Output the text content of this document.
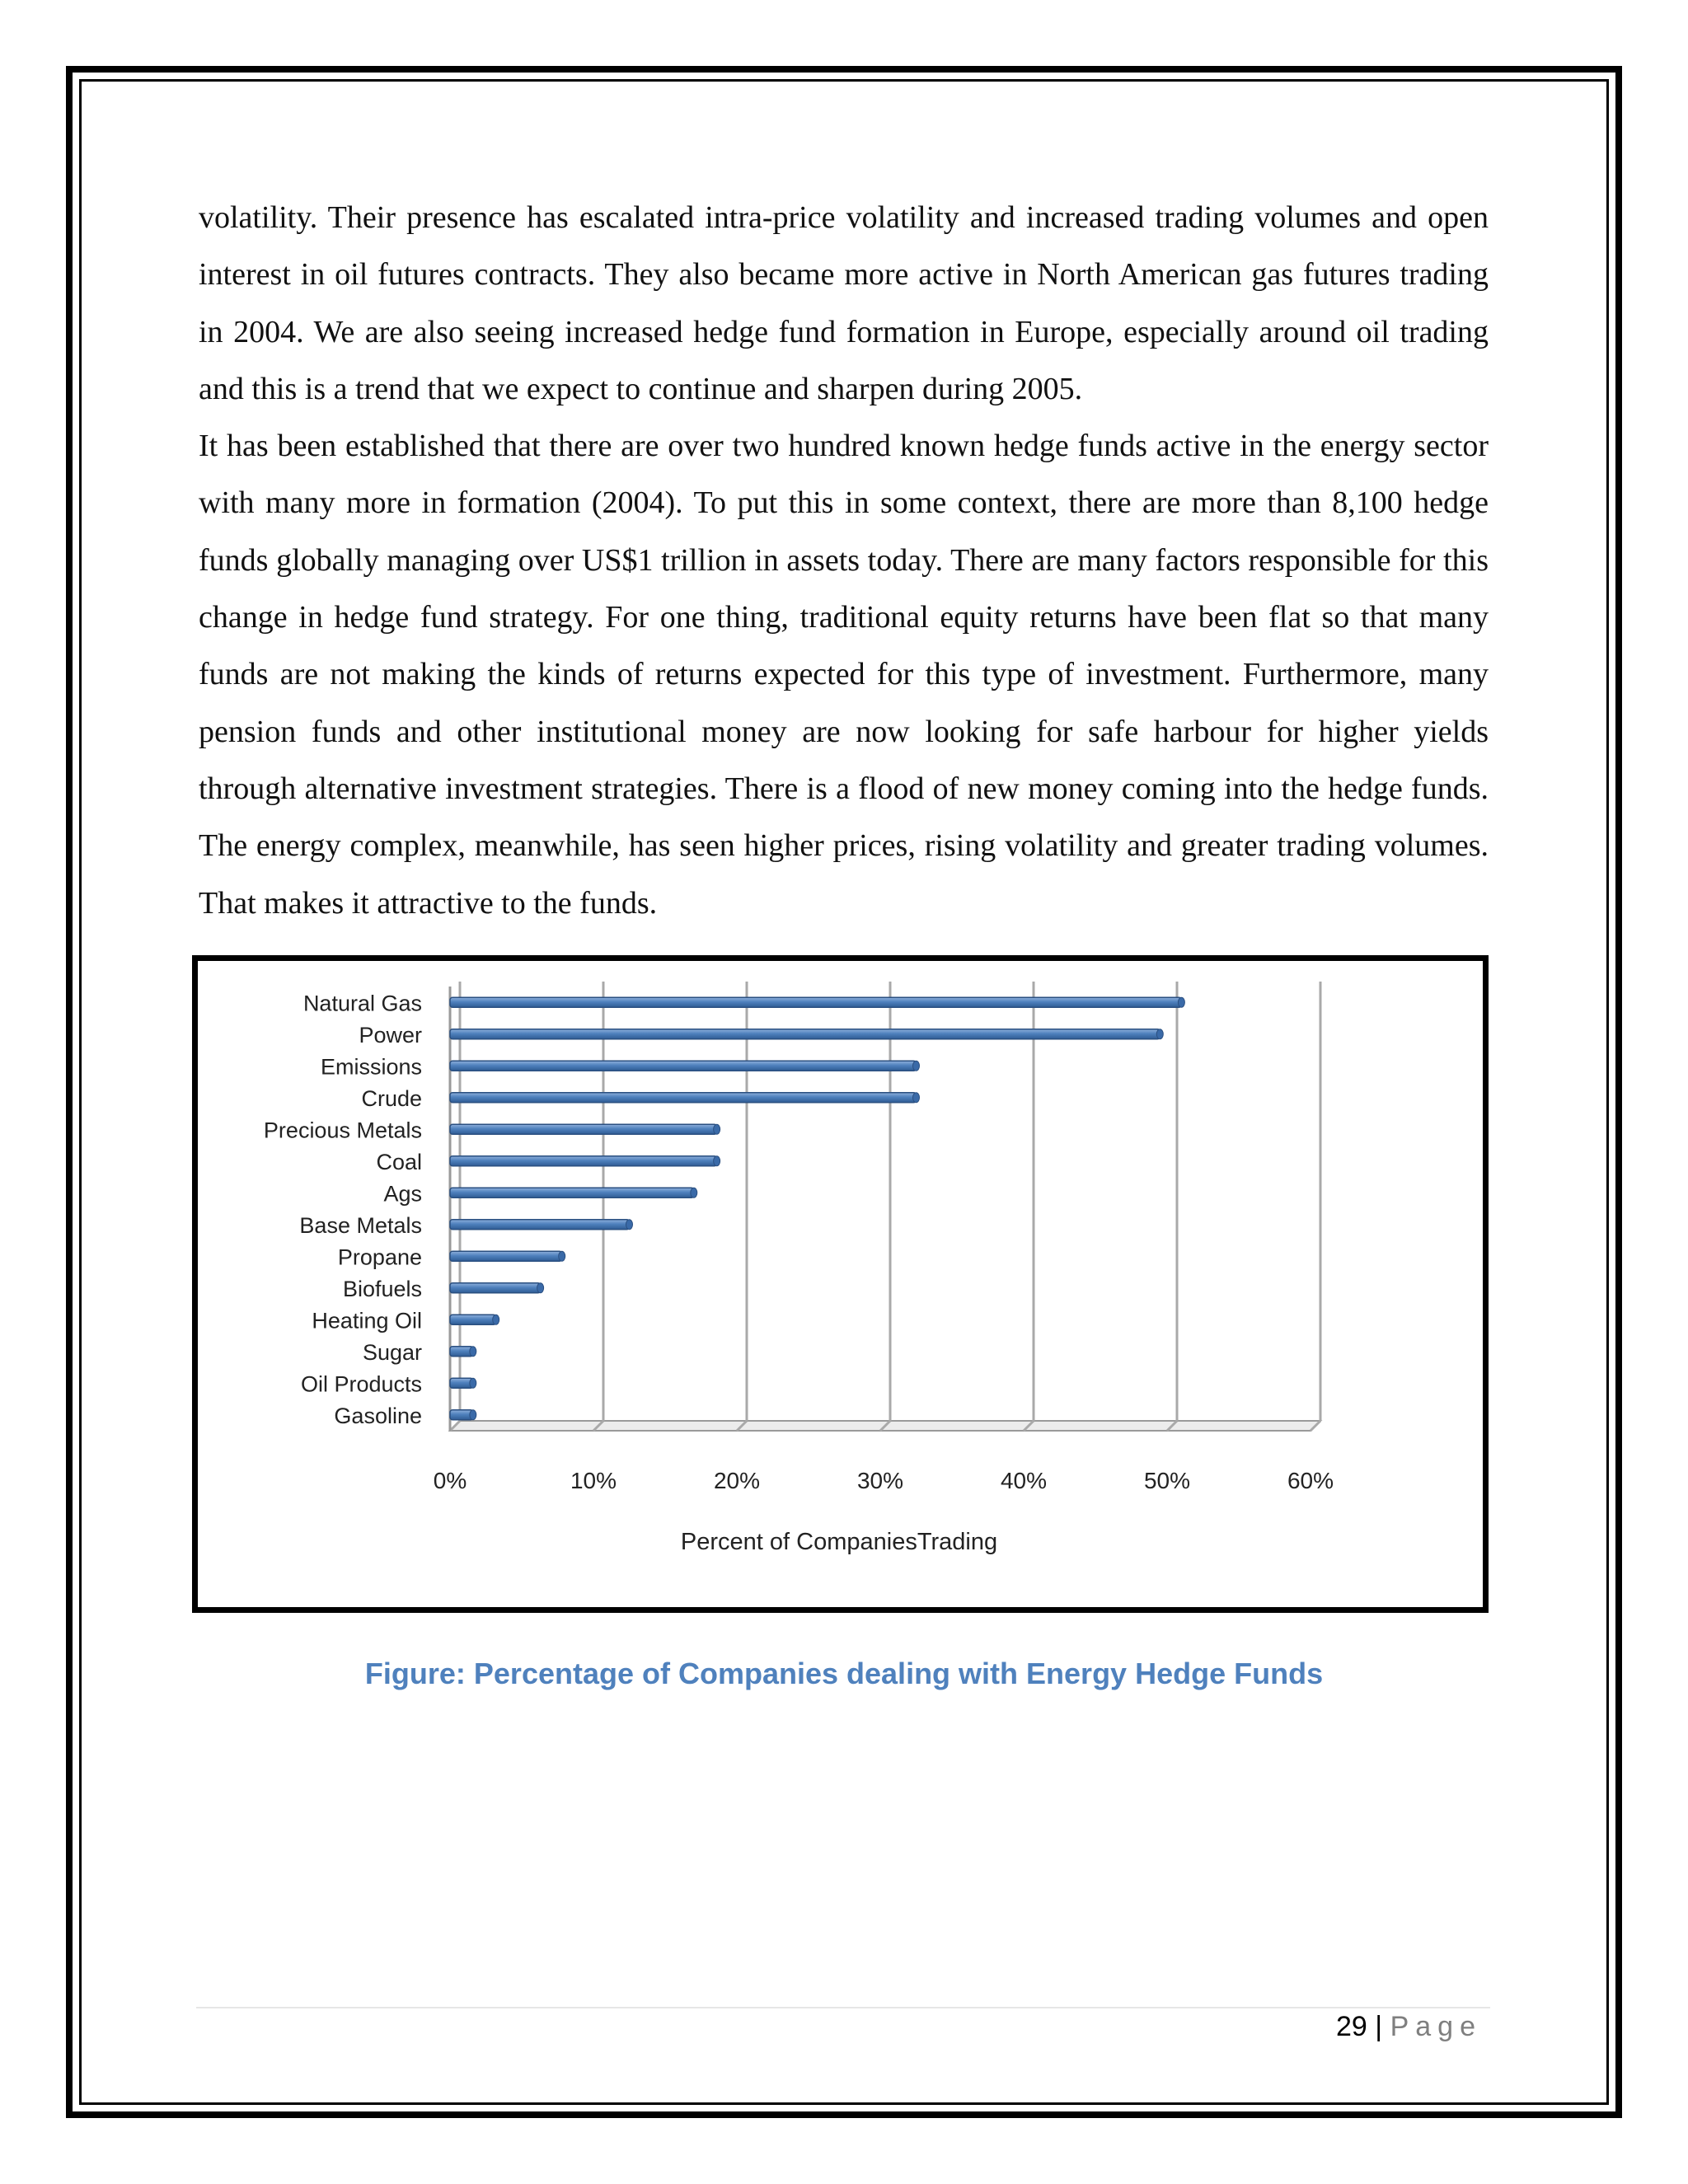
volatility. Their presence has escalated intra-price volatility and increased trading volumes and open interest in oil futures contracts. They also became more active in North American gas futures trading in 2004. We are also seeing increased hedge fund formation in Europe, especially around oil trading and this is a trend that we expect to continue and sharpen during 2005.

It has been established that there are over two hundred known hedge funds active in the energy sector with many more in formation (2004). To put this in some context, there are more than 8,100 hedge funds globally managing over US$1 trillion in assets today. There are many factors responsible for this change in hedge fund strategy. For one thing, traditional equity returns have been flat so that many funds are not making the kinds of returns expected for this type of investment. Furthermore, many pension funds and other institutional money are now looking for safe harbour for higher yields through alternative investment strategies. There is a flood of new money coming into the hedge funds. The energy complex, meanwhile, has seen higher prices, rising volatility and greater trading volumes. That makes it attractive to the funds.

0%	10%	20%	30%	40%	50%	60%
Natural Gas
Power
Emissions
Crude
Precious Metals
Coal
Ags
Base Metals
Propane
Biofuels
Heating Oil
Sugar
Oil Products
Gasoline
Percent of CompaniesTrading
Figure: Percentage of Companies dealing with Energy Hedge Funds
29 | Page
